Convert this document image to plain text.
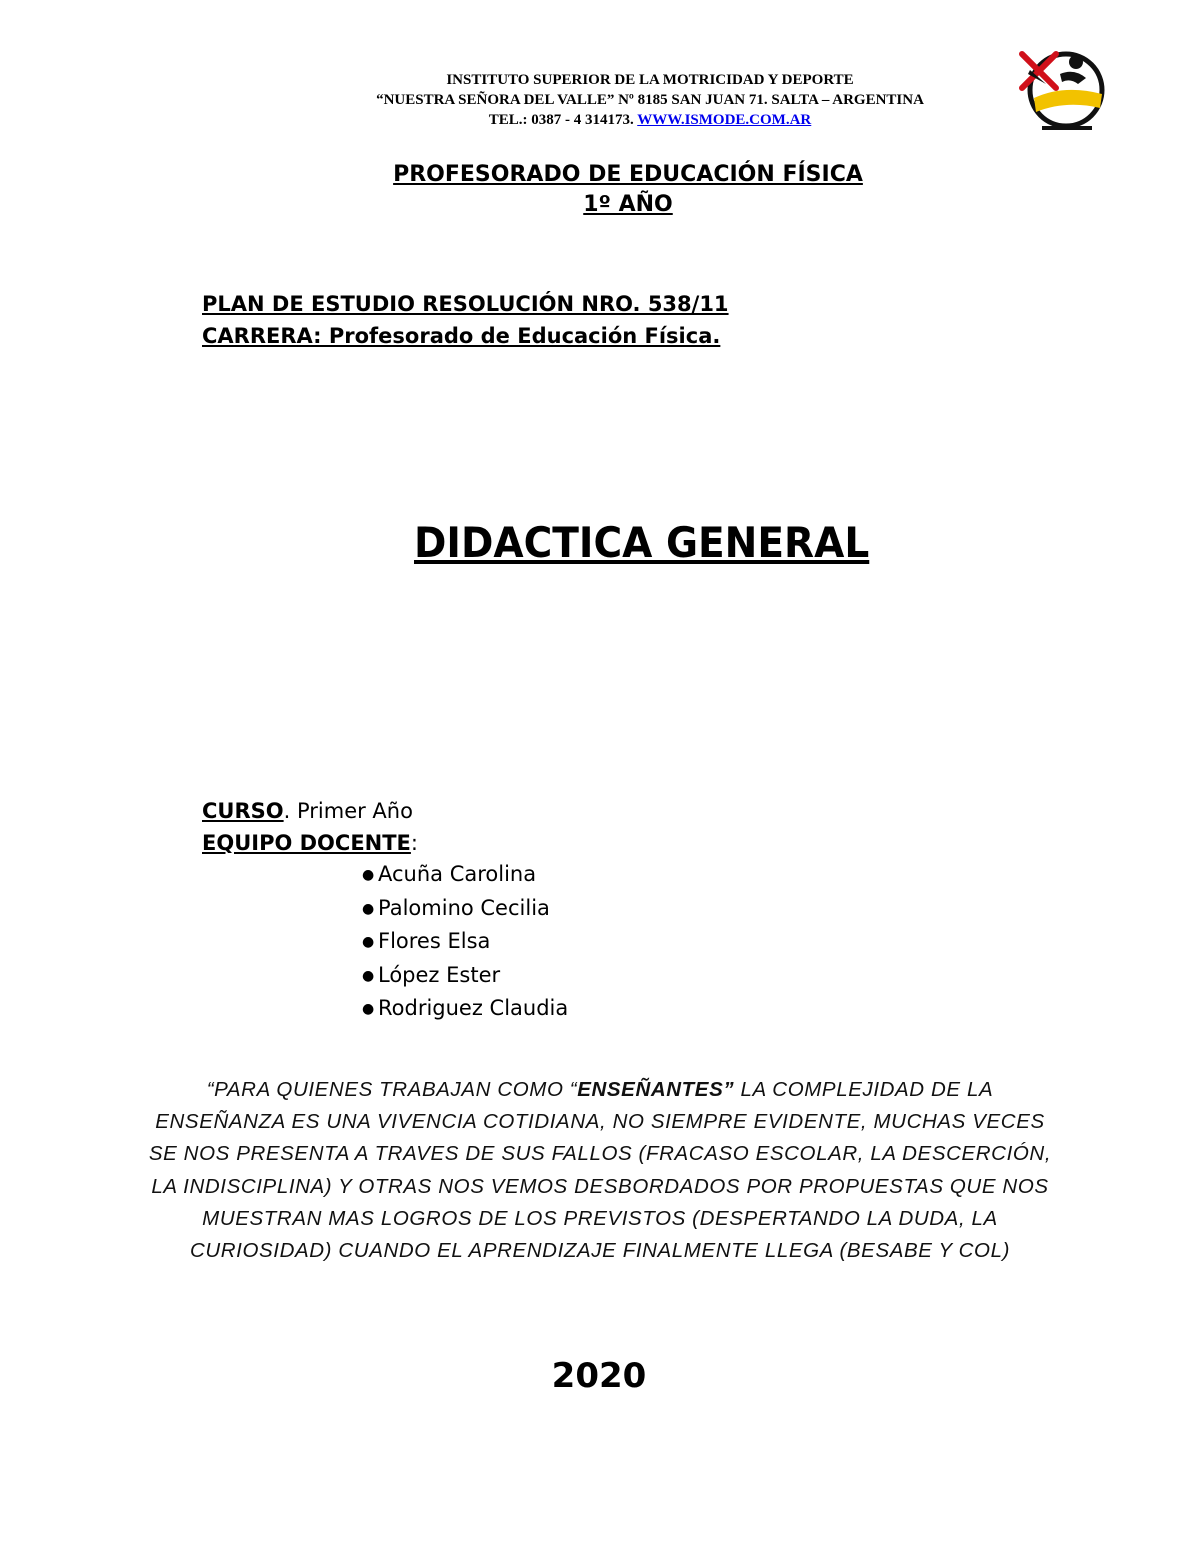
INSTITUTO SUPERIOR DE LA MOTRICIDAD Y DEPORTE
“NUESTRA SEÑORA DEL VALLE” Nº 8185 SAN JUAN 71. SALTA – ARGENTINA
TEL.: 0387 - 4 314173. WWW.ISMODE.COM.AR
PROFESORADO DE EDUCACIÓN FÍSICA
1º AÑO
PLAN DE ESTUDIO RESOLUCIÓN NRO. 538/11
CARRERA: Profesorado de Educación Física.
DIDACTICA GENERAL
CURSO. Primer Año
EQUIPO DOCENTE:
● Acuña Carolina
● Palomino Cecilia
● Flores Elsa
● López Ester
● Rodriguez Claudia
“PARA QUIENES TRABAJAN COMO “ENSEÑANTES” LA COMPLEJIDAD DE LA ENSEÑANZA ES UNA VIVENCIA COTIDIANA, NO SIEMPRE EVIDENTE, MUCHAS VECES SE NOS PRESENTA A TRAVES DE SUS FALLOS (FRACASO ESCOLAR, LA DESCERCIÓN, LA INDISCIPLINA) Y OTRAS NOS VEMOS DESBORDADOS POR PROPUESTAS QUE NOS MUESTRAN MAS LOGROS DE LOS PREVISTOS (DESPERTANDO LA DUDA, LA CURIOSIDAD) CUANDO EL APRENDIZAJE FINALMENTE LLEGA (BESABE Y COL)
2020
